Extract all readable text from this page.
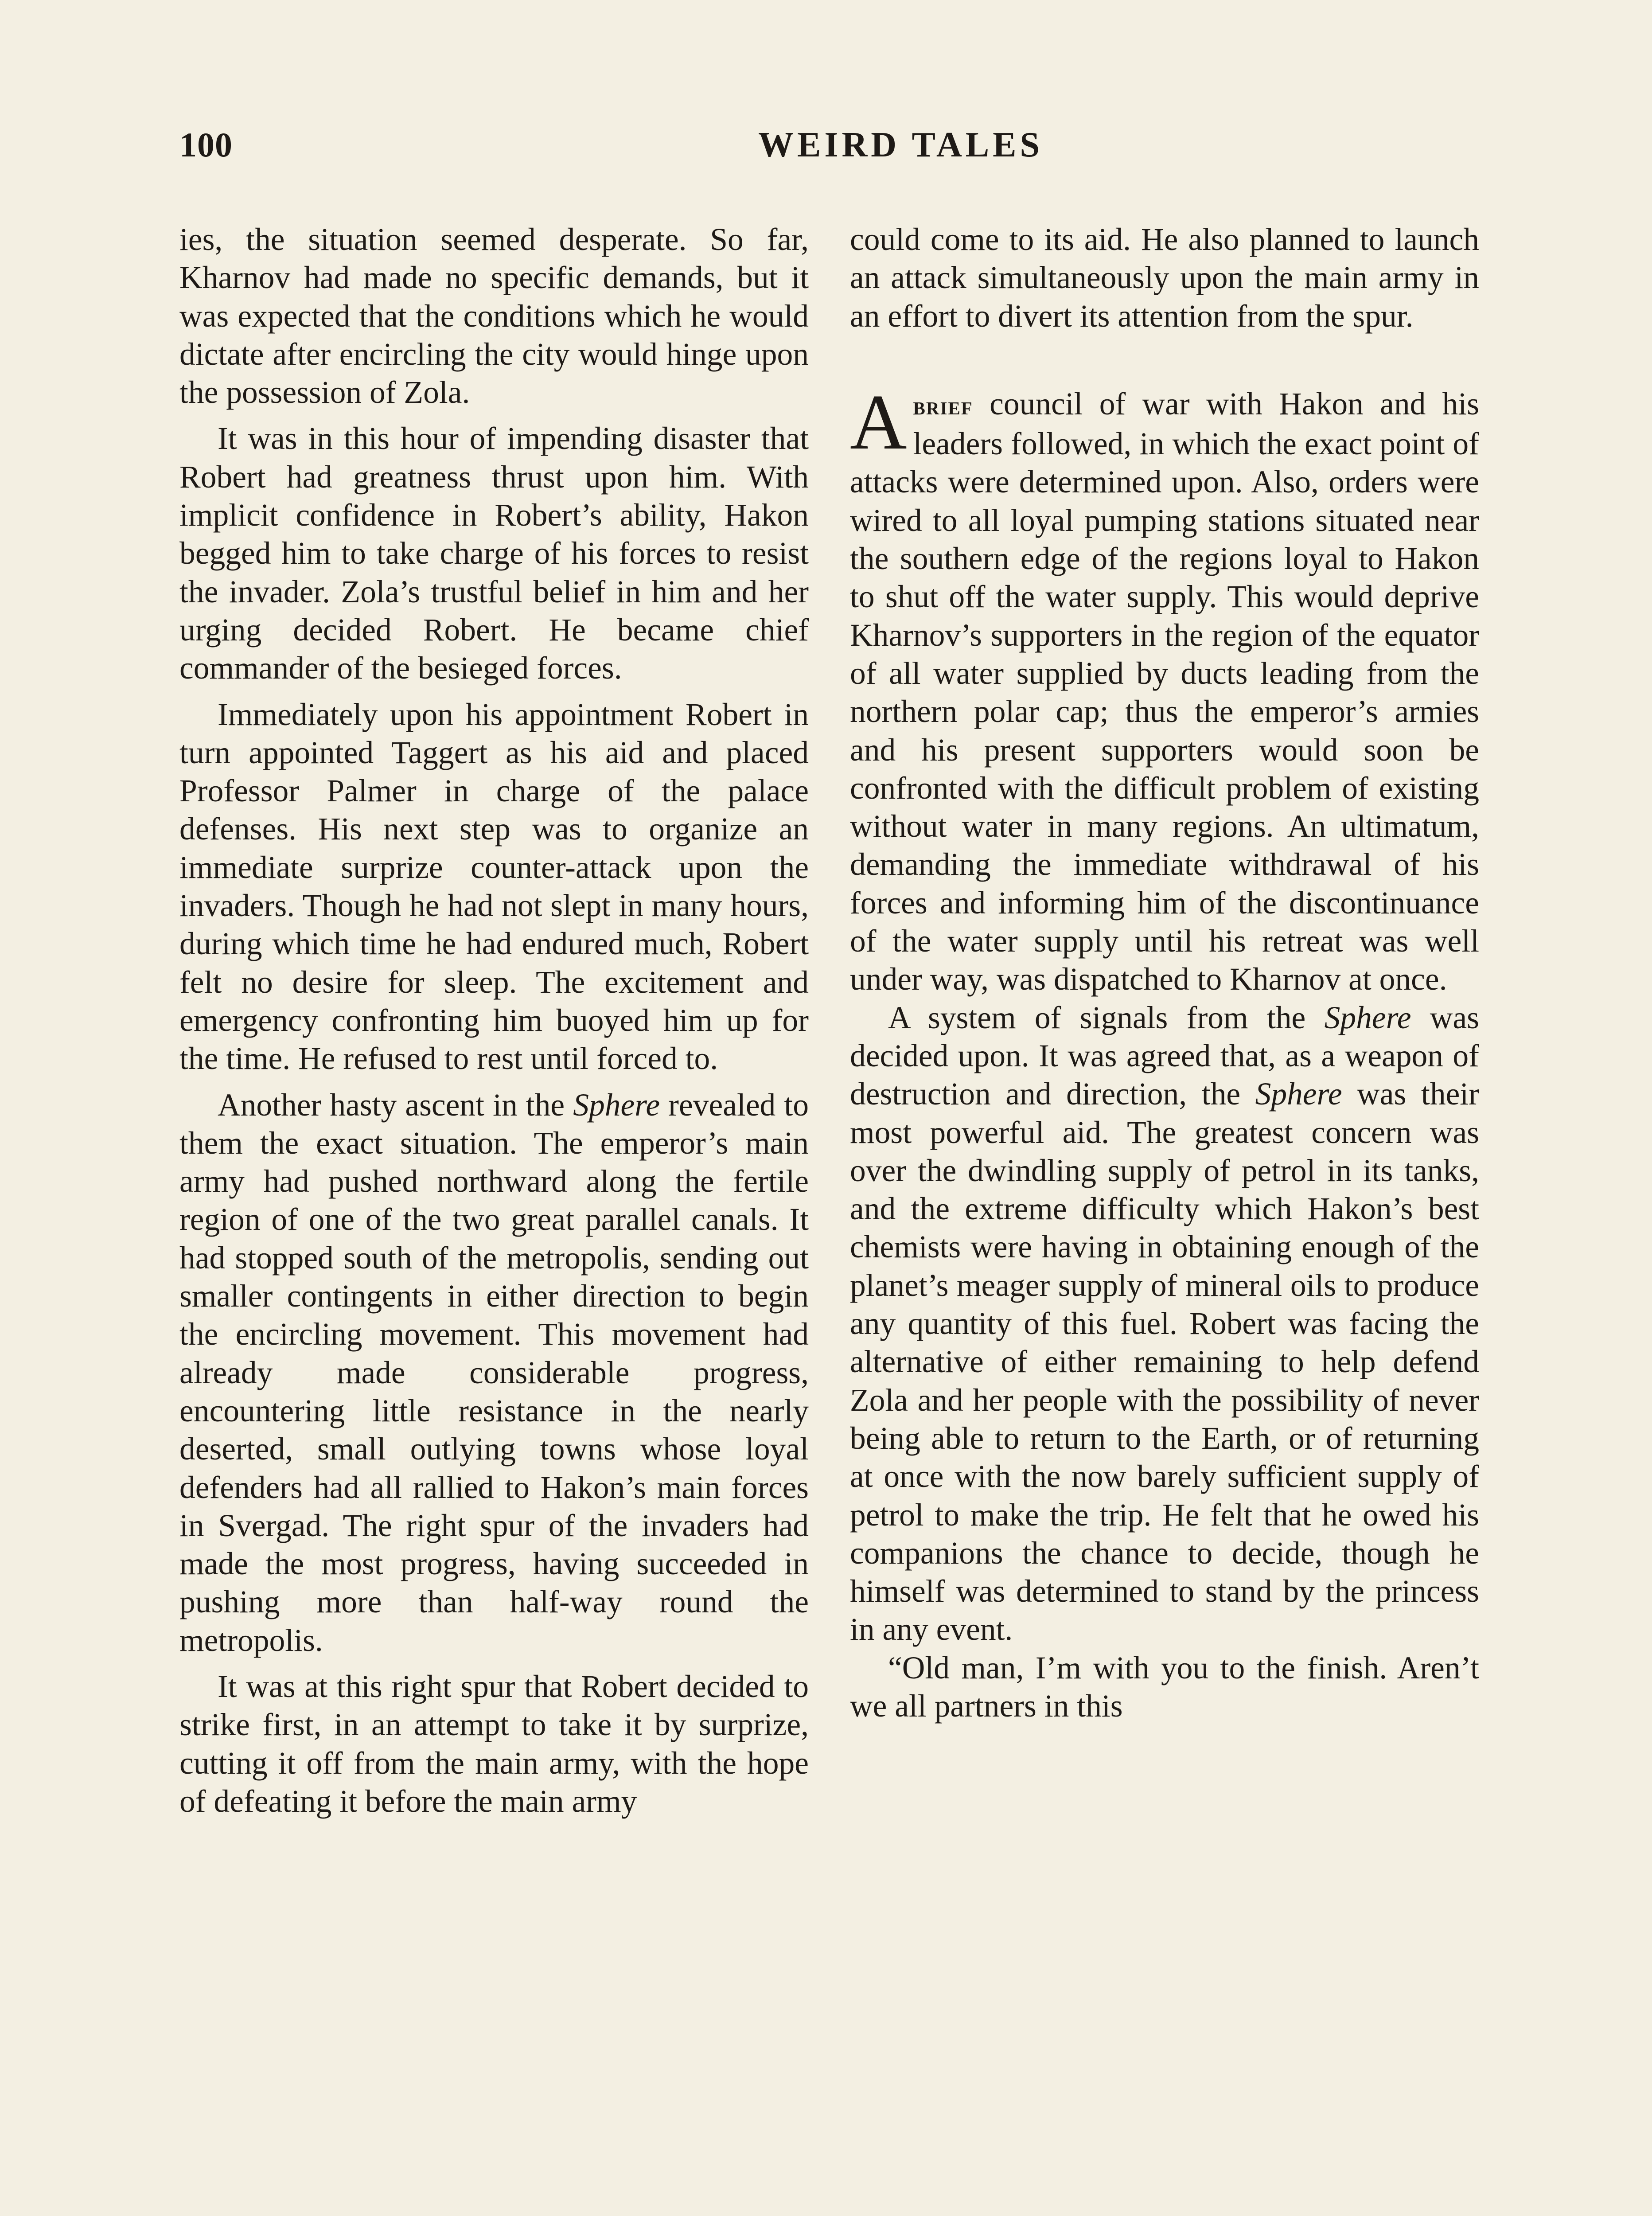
100	WEIRD TALES

ies, the situation seemed desperate. So far, Kharnov had made no specific demands, but it was expected that the conditions which he would dictate after encircling the city would hinge upon the possession of Zola.

It was in this hour of impending disaster that Robert had greatness thrust upon him. With implicit confidence in Robert’s ability, Hakon begged him to take charge of his forces to resist the invader. Zola’s trustful belief in him and her urging decided Robert. He became chief commander of the besieged forces.

Immediately upon his appointment Robert in turn appointed Taggert as his aid and placed Professor Palmer in charge of the palace defenses. His next step was to organize an immediate surprize counter-attack upon the invaders. Though he had not slept in many hours, during which time he had endured much, Robert felt no desire for sleep. The excitement and emergency confronting him buoyed him up for the time. He refused to rest until forced to.

Another hasty ascent in the Sphere revealed to them the exact situation. The emperor’s main army had pushed northward along the fertile region of one of the two great parallel canals. It had stopped south of the metropolis, sending out smaller contingents in either direction to begin the encircling movement. This movement had already made considerable progress, encountering little resistance in the nearly deserted, small outlying towns whose loyal defenders had all rallied to Hakon’s main forces in Svergad. The right spur of the invaders had made the most progress, having succeeded in pushing more than half-way round the metropolis.

It was at this right spur that Robert decided to strike first, in an attempt to take it by surprize, cutting it off from the main army, with the hope of defeating it before the main army

could come to its aid. He also planned to launch an attack simultaneously upon the main army in an effort to divert its attention from the spur.

Abrief council of war with Hakon and his leaders followed, in which the exact point of attacks were determined upon. Also, orders were wired to all loyal pumping stations situated near the southern edge of the regions loyal to Hakon to shut off the water supply. This would deprive Kharnov’s supporters in the region of the equator of all water supplied by ducts leading from the northern polar cap; thus the emperor’s armies and his present supporters would soon be confronted with the difficult problem of existing without water in many regions. An ultimatum, demanding the immediate withdrawal of his forces and informing him of the discontinuance of the water supply until his retreat was well under way, was dispatched to Kharnov at once.

A system of signals from the Sphere was decided upon. It was agreed that, as a weapon of destruction and direction, the Sphere was their most powerful aid. The greatest concern was over the dwindling supply of petrol in its tanks, and the extreme difficulty which Hakon’s best chemists were having in obtaining enough of the planet’s meager supply of mineral oils to produce any quantity of this fuel. Robert was facing the alternative of either remaining to help defend Zola and her people with the possibility of never being able to return to the Earth, or of returning at once with the now barely sufficient supply of petrol to make the trip. He felt that he owed his companions the chance to decide, though he himself was determined to stand by the princess in any event.

“Old man, I’m with you to the finish. Aren’t we all partners in this
